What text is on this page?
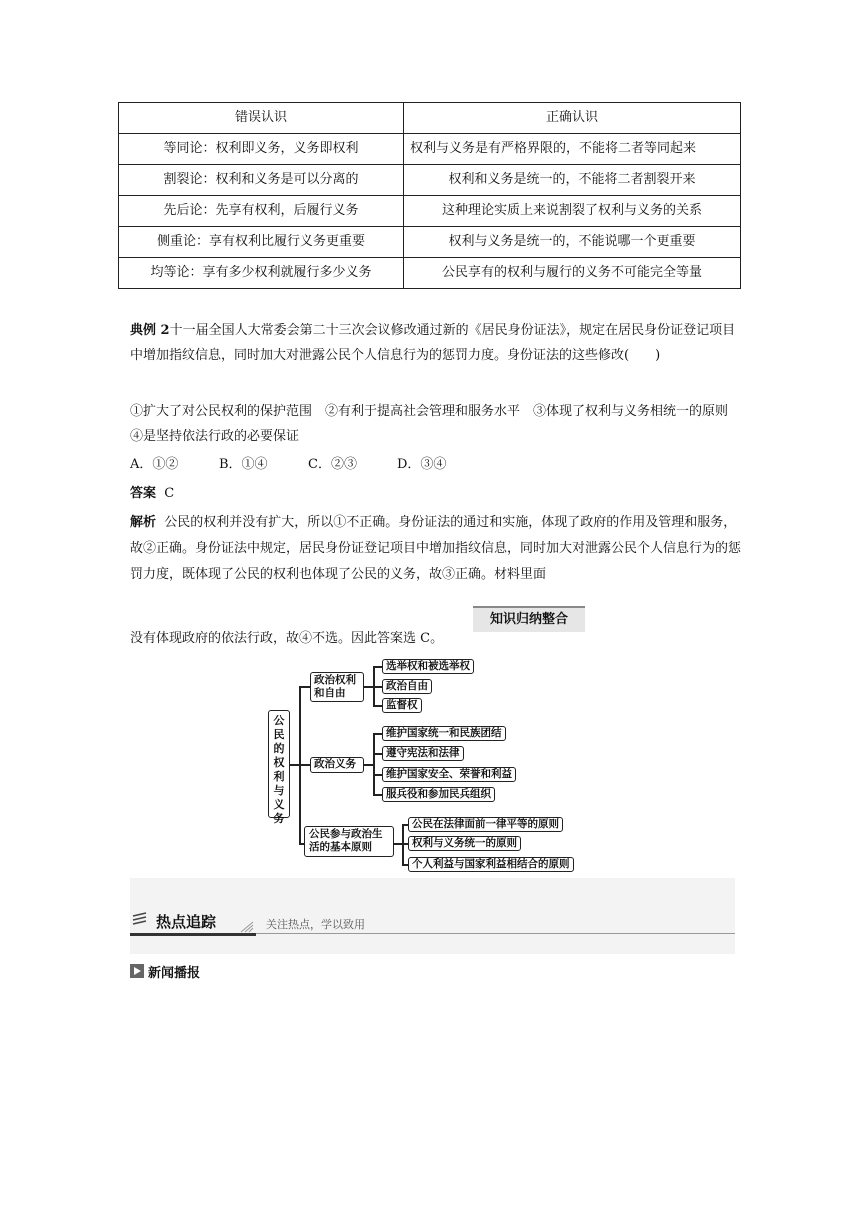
错误认识	正确认识
等同论：权利即义务，义务即权利	权利与义务是有严格界限的，不能将二者等同起来
割裂论：权利和义务是可以分离的	权利和义务是统一的，不能将二者割裂开来
先后论：先享有权利，后履行义务	这种理论实质上来说割裂了权利与义务的关系
侧重论：享有权利比履行义务更重要	权利与义务是统一的，不能说哪一个更重要
均等论：享有多少权利就履行多少义务	公民享有的权利与履行的义务不可能完全等量
典例 2十一届全国人大常委会第二十三次会议修改通过新的《居民身份证法》，规定在居民身份证登记项目中增加指纹信息，同时加大对泄露公民个人信息行为的惩罚力度。身份证法的这些修改(　　)
①扩大了对公民权利的保护范围　②有利于提高社会管理和服务水平　③体现了权利与义务相统一的原则　④是坚持依法行政的必要保证
A．①②	B．①④	C．②③	D．③④
答案 C
解析 公民的权利并没有扩大，所以①不正确。身份证法的通过和实施，体现了政府的作用及管理和服务，故②正确。身份证法中规定，居民身份证登记项目中增加指纹信息，同时加大对泄露公民个人信息行为的惩罚力度，既体现了公民的权利也体现了公民的义务，故③正确。材料里面
没有体现政府的依法行政，故④不选。因此答案选 C。
知识归纳整合
公民的权利与义务
政治权利和自由
选举权和被选举权
政治自由
监督权
政治义务
维护国家统一和民族团结
遵守宪法和法律
维护国家安全、荣誉和利益
服兵役和参加民兵组织
公民参与政治生活的基本原则
公民在法律面前一律平等的原则
权利与义务统一的原则
个人利益与国家利益相结合的原则
热点追踪	关注热点，学以致用
新闻播报
